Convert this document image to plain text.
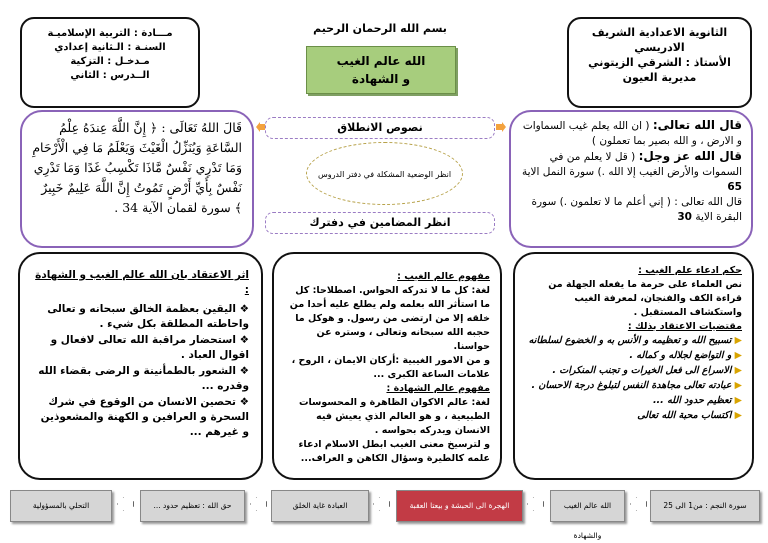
الثانوية الاعدادية الشريف
الادريسي
الأستاذ : الشرقي الزيتوني
مديرية العيون
بسم الله الرحمان الرحيم
الله عالم الغيب
و الشهادة
مـــادة : التربية الإسلاميـة
السنـة : الـثانية إعدادي
مـدخـل : التزكية
الــدرس : الثاني
قال الله تعالى: ( ان الله يعلم غيب السماوات و الارض ، و الله بصير بما تعملون )
قال الله عز وجل: ( قل لا يعلم من في السموات والأرض الغيب إلا الله .) سورة النمل الاية 65
قال الله تعالى : ( إني أعلم ما لا تعلمون .) سورة البقرة الاية 30
نصوص الانطلاق
انظر الوضعية المشكلة في دفتر الدروس
انظر المضامين في دفترك
قَالَ اللهُ تَعَالَى : ﴿ إِنَّ اللَّهَ عِندَهُ عِلْمُ السَّاعَةِ وَيُنَزِّلُ الْغَيْثَ وَيَعْلَمُ مَا فِي الْأَرْحَامِ وَمَا تَدْرِي نَفْسٌ مَّاذَا تَكْسِبُ غَدًا وَمَا تَدْرِي نَفْسٌ بِأَيِّ أَرْضٍ تَمُوتُ إِنَّ اللَّهَ عَلِيمٌ خَبِيرٌ ﴾ سورة لقمان الآية 34 .
حكم ادعاء علم الغيب :
نص العلماء على حرمة ما يفعله الجهلة من قراءة الكف والفنجان، لمعرفة الغيب واستكشاف المستقبل .
مقتضيات الاعتقاد بذلك :
▶ تسبيح الله و تعظيمه و الأنس به و الخضوع لسلطانه
▶ و التواضع لجلاله و كماله .
▶ الاسراع الى فعل الخيرات و تجنب المنكرات .
▶ عبادته تعالى مجاهدة النفس لتبلوغ درجة الاحسان .
▶ تعظيم حدود الله ...
▶ اكتساب محبة الله تعالى
مفهوم عالم الغيب :
لغة: كل ما لا تدركه الحواس. اصطلاحا: كل ما استأثر الله بعلمه ولم يطلع عليه أحدا من خلقه إلا من ارتضى من رسول. و هوكل ما حجبه الله سبحانه وتعالى ، وستره عن حواسنا.
و من الامور الغيبية :أركان الايمان ، الروح ، علامات الساعة الكبرى ...
مفهوم عالم الشهادة :
لغة: عالم الاكوان الظاهرة و المحسوسات الطبيعية ، و هو العالم الذي يعيش فيه الانسان ويدركه بحواسه .
و لترسيخ معنى الغيب ابطل الاسلام ادعاء علمه كالطيرة وسؤال الكاهن و العراف...
اثر الاعتقاد بان الله عالم الغيب و الشهادة :
❖ اليقين بعظمة الخالق سبحانه و تعالى واحاطته المطلقة بكل شيء .
❖ استحضار مراقبة الله تعالى لافعال و اقوال العباد .
❖ الشعور بالطمأنينة و الرضى بقضاء الله وقدره ...
❖ تحصين الانسان من الوقوع في شرك السحرة و العرافين و الكهنة والمشعوذين و غيرهم ...
سورة النجم : من1 الى 25
الله عالم الغيب والشهادة
الهجرة الى الحبشة و بيعتا العقبة
العبادة غاية الخلق
حق الله : تعظيم حدود ...
التحلي بالمسؤولية
